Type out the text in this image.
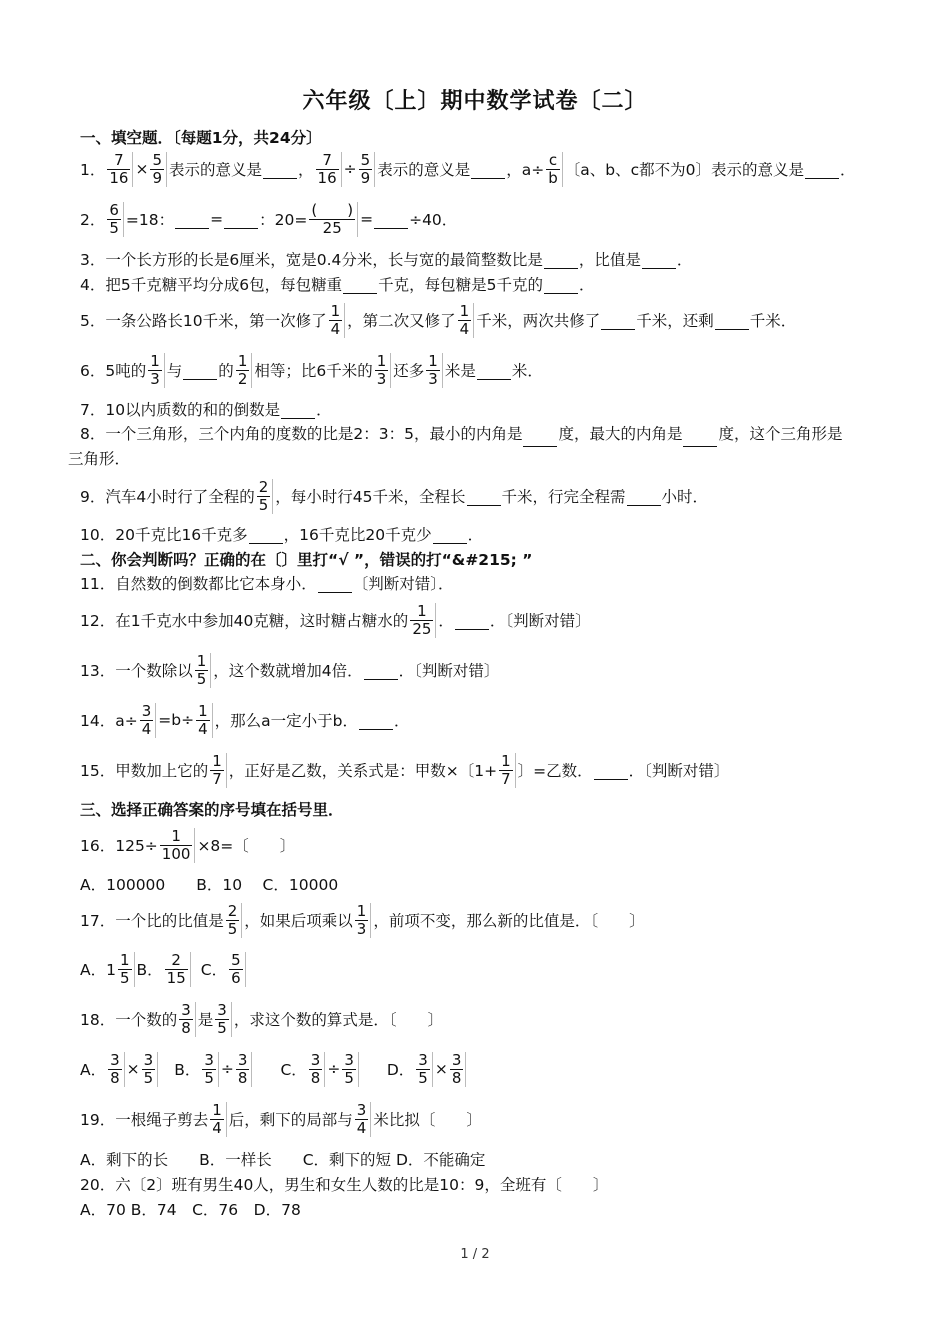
六年级〔上〕期中数学试卷〔二〕
一、填空题．〔每题1分，共24分〕
1．
7
16 ×
5
9 表示的意义是 ，
7
16 ÷
5
9 表示的意义是 ，a÷
c
b 〔a、b、c都不为0〕表示的意义是 ．
2．
6
5 =18： = ：20=
(　　)
25 = ÷40．
3．一个长方形的长是6厘米，宽是0.4分米，长与宽的最简整数比是 ，比值是 ．
4．把5千克糖平均分成6包，每包糖重 千克，每包糖是5千克的 ．
5．一条公路长10千米，第一次修了
1
4 ，第二次又修了
1
4 千米，两次共修了 千米，还剩 千米．
6．5吨的
1
3 与 的
1
2 相等；比6千米的
1
3 还多
1
3 米是 米．
7．10以内质数的和的倒数是 ．
8．一个三角形，三个内角的度数的比是2：3：5，最小的内角是 度，最大的内角是 度，这个三角形是
三角形．
9．汽车4小时行了全程的
2
5 ，每小时行45千米，全程长 千米，行完全程需 小时．
10．20千克比16千克多 ，16千克比20千克少 ．
二、你会判断吗？正确的在〔〕里打“√ ”，错误的打“&#215; ”
11．自然数的倒数都比它本身小． 〔判断对错〕．
12．在1千克水中参加40克糖，这时糖占糖水的
1
25 ． ．〔判断对错〕
13．一个数除以
1
5 ，这个数就增加4倍． ．〔判断对错〕
14．a÷
3
4 =b÷
1
4 ，那么a一定小于b． ．
15．甲数加上它的
1
7 ，正好是乙数，关系式是：甲数×〔1+
1
7 〕=乙数． ．〔判断对错〕
三、选择正确答案的序号填在括号里．
16．125÷
1
100 ×8=〔　　〕
A．100000　　B．10　 C．10000
17．一个比的比值是
2
5 ，如果后项乘以
1
3 ，前项不变，那么新的比值是．〔　　〕
A．1
1
5 B．
2
15 C．
5
6
18．一个数的
3
8 是
3
5 ，求这个数的算式是．〔　　〕
A．
3
8 ×
3
5 B．
3
5 ÷
3
8 C．
3
8 ÷
3
5 D．
3
5 ×
3
8
19．一根绳子剪去
1
4 后，剩下的局部与
3
4 米比拟〔　　〕
A．剩下的长　　B．一样长　　C．剩下的短 D．不能确定
20．六〔2〕班有男生40人，男生和女生人数的比是10：9，全班有〔　　〕
A．70 B．74　C．76　D．78
1 / 2
